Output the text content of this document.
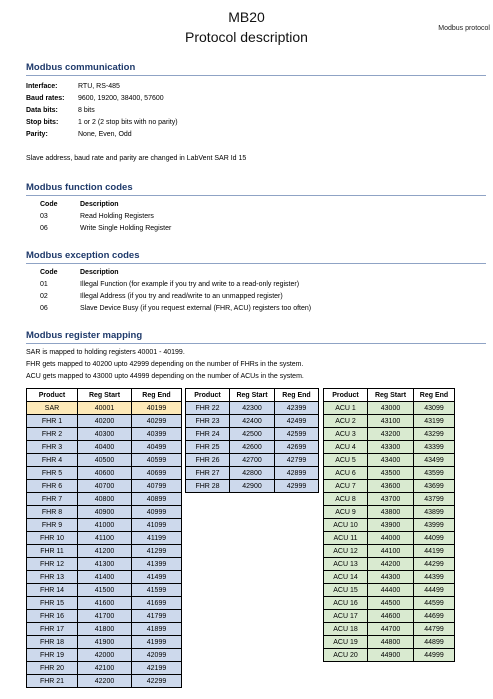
MB20
Protocol description
Modbus protocol
Modbus communication
Interface:	RTU, RS-485
Baud rates: 9600, 19200, 38400, 57600
Data bits:	8 bits
Stop bits:	1 or 2 (2 stop bits with no parity)
Parity:	None, Even, Odd
Slave address, baud rate and parity are changed in LabVent SAR Id 15
Modbus function codes
Code	Description
03	Read Holding Registers
06	Write Single Holding Register
Modbus exception codes
Code	Description
01	Illegal Function (for example if you try and write to a read-only register)
02	Illegal Address (if you try and read/write to an unmapped register)
06	Slave Device Busy (if you request external (FHR, ACU) registers too often)
Modbus register mapping
SAR is mapped to holding registers 40001 - 40199.
FHR gets mapped to 40200 upto 42999 depending on the number of FHRs in the system.
ACU gets mapped to 43000 upto 44999 depending on the number of ACUs in the system.
Product	Reg Start	Reg End
SAR	40001	40199
FHR 1	40200	40299
FHR 2	40300	40399
FHR 3	40400	40499
FHR 4	40500	40599
FHR 5	40600	40699
FHR 6	40700	40799
FHR 7	40800	40899
FHR 8	40900	40999
FHR 9	41000	41099
FHR 10	41100	41199
FHR 11	41200	41299
FHR 12	41300	41399
FHR 13	41400	41499
FHR 14	41500	41599
FHR 15	41600	41699
FHR 16	41700	41799
FHR 17	41800	41899
FHR 18	41900	41999
FHR 19	42000	42099
FHR 20	42100	42199
FHR 21	42200	42299
Product	Reg Start	Reg End
FHR 22	42300	42399
FHR 23	42400	42499
FHR 24	42500	42599
FHR 25	42600	42699
FHR 26	42700	42799
FHR 27	42800	42899
FHR 28	42900	42999
Product	Reg Start	Reg End
ACU 1	43000	43099
ACU 2	43100	43199
ACU 3	43200	43299
ACU 4	43300	43399
ACU 5	43400	43499
ACU 6	43500	43599
ACU 7	43600	43699
ACU 8	43700	43799
ACU 9	43800	43899
ACU 10	43900	43999
ACU 11	44000	44099
ACU 12	44100	44199
ACU 13	44200	44299
ACU 14	44300	44399
ACU 15	44400	44499
ACU 16	44500	44599
ACU 17	44600	44699
ACU 18	44700	44799
ACU 19	44800	44899
ACU 20	44900	44999
